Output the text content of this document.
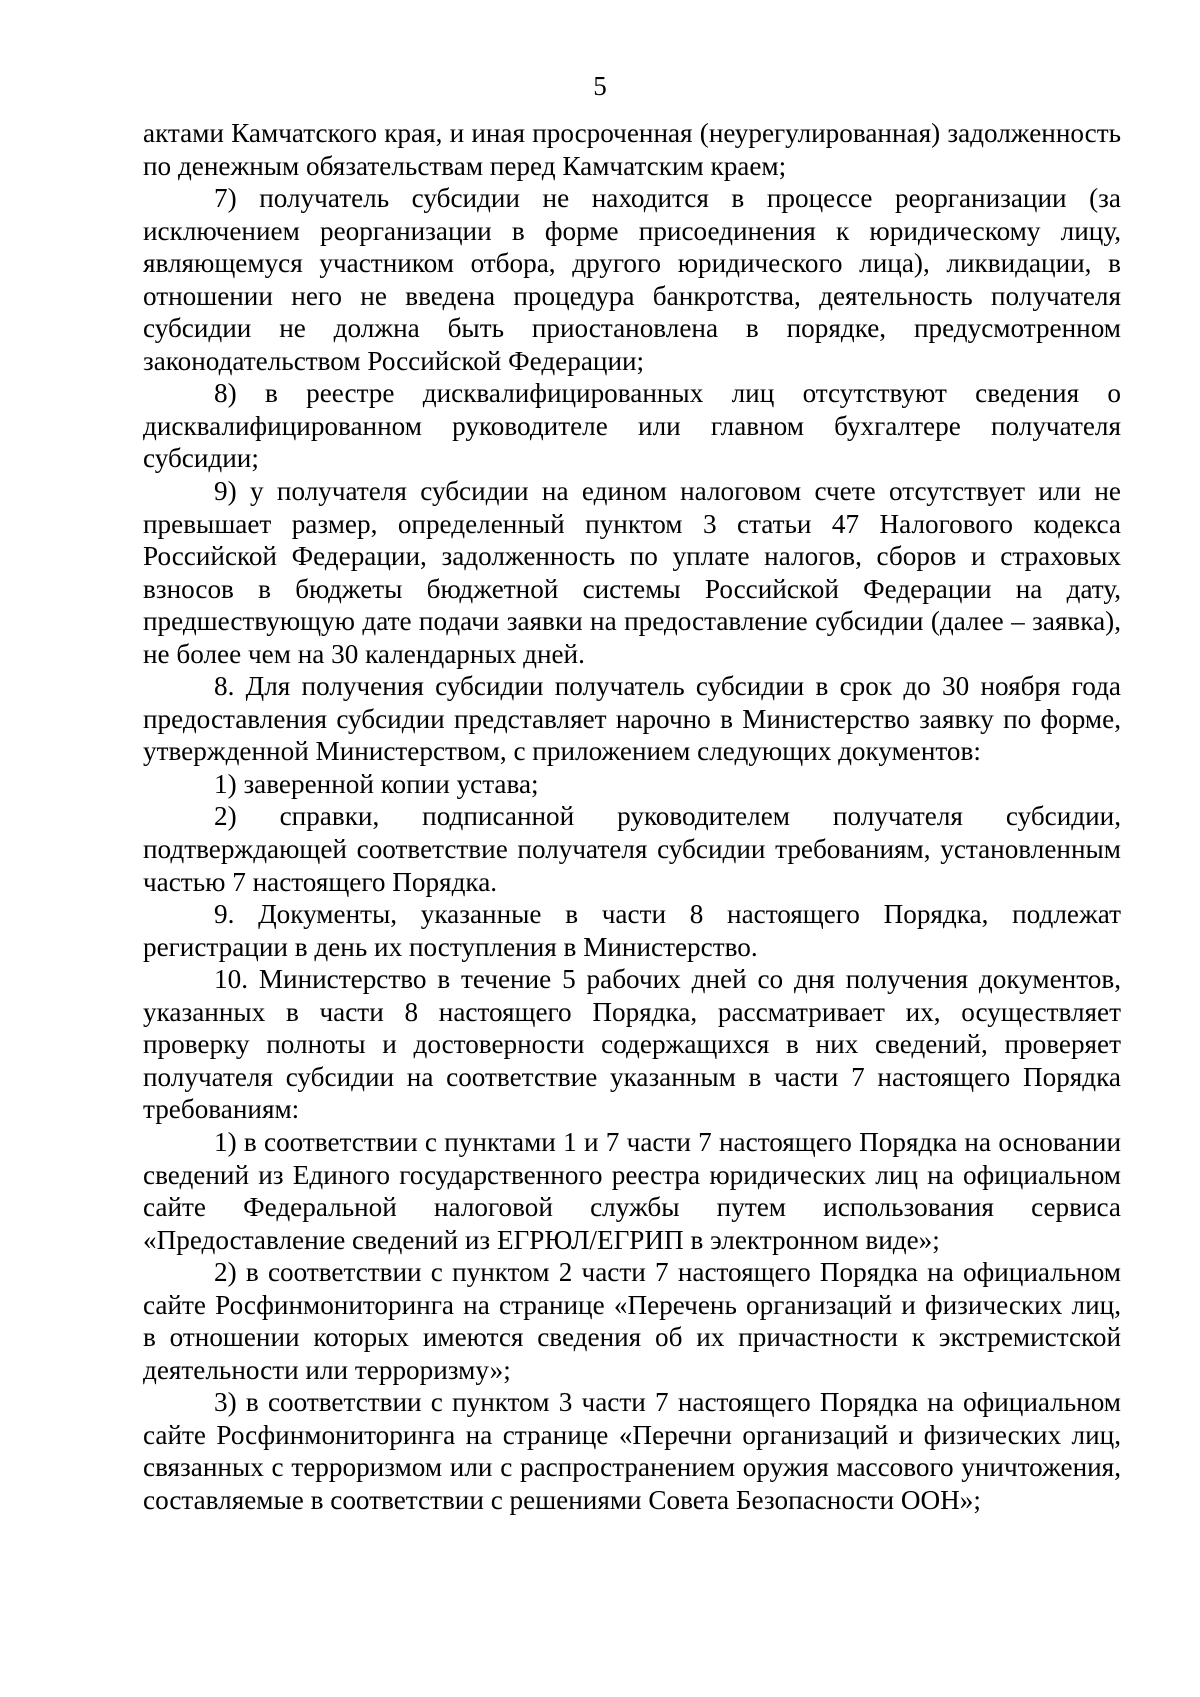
5

актами Камчатского края, и иная просроченная (неурегулированная) задолженность по денежным обязательствам перед Камчатским краем;

7) получатель субсидии не находится в процессе реорганизации (за исключением реорганизации в форме присоединения к юридическому лицу, являющемуся участником отбора, другого юридического лица), ликвидации, в отношении него не введена процедура банкротства, деятельность получателя субсидии не должна быть приостановлена в порядке, предусмотренном законодательством Российской Федерации;

8) в реестре дисквалифицированных лиц отсутствуют сведения о дисквалифицированном руководителе или главном бухгалтере получателя субсидии;

9) у получателя субсидии на едином налоговом счете отсутствует или не превышает размер, определенный пунктом 3 статьи 47 Налогового кодекса Российской Федерации, задолженность по уплате налогов, сборов и страховых взносов в бюджеты бюджетной системы Российской Федерации на дату, предшествующую дате подачи заявки на предоставление субсидии (далее – заявка), не более чем на 30 календарных дней.

8. Для получения субсидии получатель субсидии в срок до 30 ноября года предоставления субсидии представляет нарочно в Министерство заявку по форме, утвержденной Министерством, с приложением следующих документов:

1) заверенной копии устава;

2) справки, подписанной руководителем получателя субсидии, подтверждающей соответствие получателя субсидии требованиям, установленным частью 7 настоящего Порядка.

9. Документы, указанные в части 8 настоящего Порядка, подлежат регистрации в день их поступления в Министерство.

10. Министерство в течение 5 рабочих дней со дня получения документов, указанных в части 8 настоящего Порядка, рассматривает их, осуществляет проверку полноты и достоверности содержащихся в них сведений, проверяет получателя субсидии на соответствие указанным в части 7 настоящего Порядка требованиям:

1) в соответствии с пунктами 1 и 7 части 7 настоящего Порядка на основании сведений из Единого государственного реестра юридических лиц на официальном сайте Федеральной налоговой службы путем использования сервиса «Предоставление сведений из ЕГРЮЛ/ЕГРИП в электронном виде»;

2) в соответствии с пунктом 2 части 7 настоящего Порядка на официальном сайте Росфинмониторинга на странице «Перечень организаций и физических лиц, в отношении которых имеются сведения об их причастности к экстремистской деятельности или терроризму»;

3) в соответствии с пунктом 3 части 7 настоящего Порядка на официальном сайте Росфинмониторинга на странице «Перечни организаций и физических лиц, связанных с терроризмом или с распространением оружия массового уничтожения, составляемые в соответствии с решениями Совета Безопасности ООН»;
